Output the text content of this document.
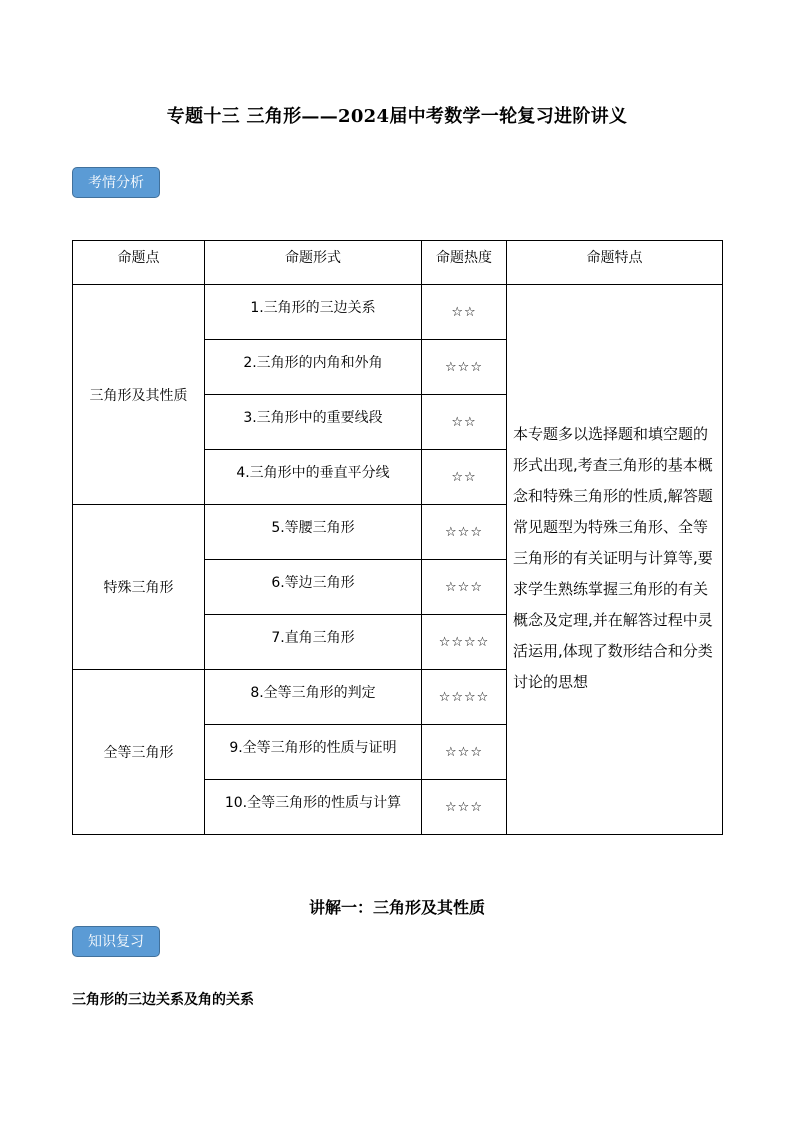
专题十三 三角形——2024届中考数学一轮复习进阶讲义
考情分析
命题点	命题形式	命题热度	命题特点
三角形及其性质	1.三角形的三边关系	☆☆	本专题多以选择题和填空题的形式出现,考查三角形的基本概念和特殊三角形的性质,解答题常见题型为特殊三角形、全等三角形的有关证明与计算等,要求学生熟练掌握三角形的有关概念及定理,并在解答过程中灵活运用,体现了数形结合和分类讨论的思想
	2.三角形的内角和外角	☆☆☆	
	3.三角形中的重要线段	☆☆	
	4.三角形中的垂直平分线	☆☆	
特殊三角形	5.等腰三角形	☆☆☆	
	6.等边三角形	☆☆☆	
	7.直角三角形	☆☆☆☆	
全等三角形	8.全等三角形的判定	☆☆☆☆	
	9.全等三角形的性质与证明	☆☆☆	
	10.全等三角形的性质与计算	☆☆☆	
讲解一：三角形及其性质
知识复习
三角形的三边关系及角的关系
